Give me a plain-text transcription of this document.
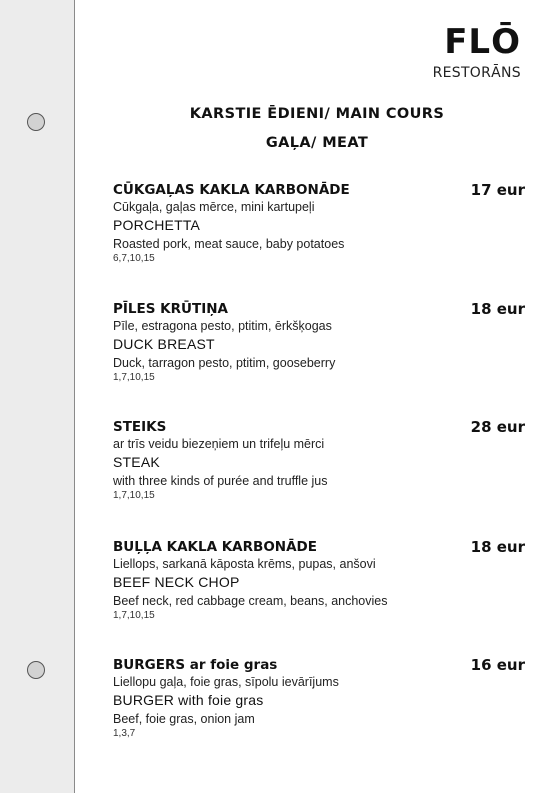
FLŌ
RESTORĀNS
KARSTIE ĒDIENI/ MAIN COURS
GAĻA/ MEAT
CŪKGAĻAS KAKLA KARBONĀDE	17 eur
Cūkgaļa, gaļas mērce, mini kartupeļi
PORCHETTA
Roasted pork, meat sauce, baby potatoes
6,7,10,15
PĪLES KRŪTIŅA	18 eur
Pīle, estragona pesto, ptitim, ērkšķogas
DUCK BREAST
Duck, tarragon pesto, ptitim, gooseberry
1,7,10,15
STEIKS	28 eur
ar trīs veidu biezeņiem un trifeļu mērci
STEAK
with three kinds of purée and truffle jus
1,7,10,15
BUĻĻA KAKLA KARBONĀDE	18 eur
Liellops, sarkanā kāposta krēms, pupas, anšovi
BEEF NECK CHOP
Beef neck, red cabbage cream, beans, anchovies
1,7,10,15
BURGERS ar foie gras	16 eur
Liellopu gaļa, foie gras, sīpolu ievārījums
BURGER with foie gras
Beef, foie gras, onion jam
1,3,7
